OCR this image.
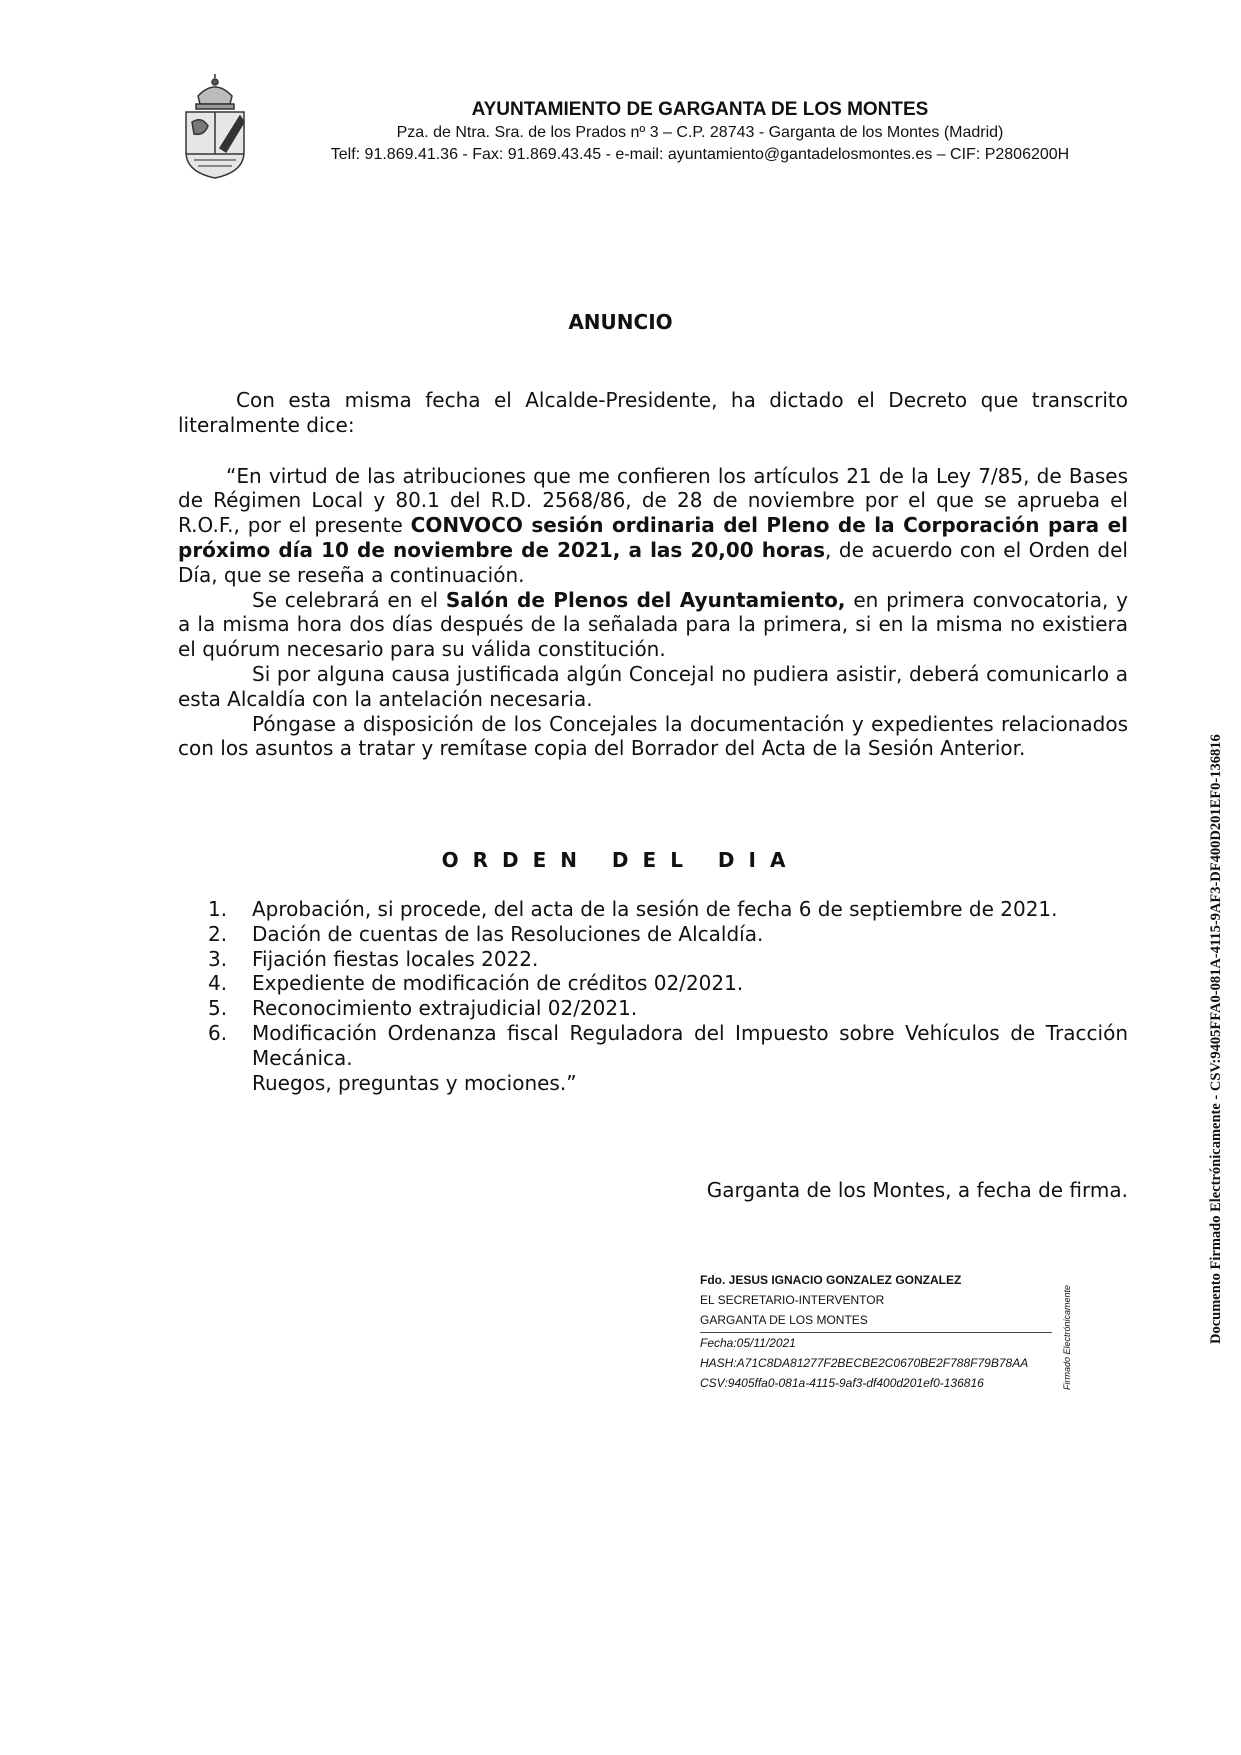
AYUNTAMIENTO DE GARGANTA DE LOS MONTES
Pza. de Ntra. Sra. de los Prados nº 3 – C.P. 28743 - Garganta de los Montes (Madrid)
Telf: 91.869.41.36 - Fax: 91.869.43.45 - e-mail: ayuntamiento@gantadelosmontes.es – CIF: P2806200H
ANUNCIO

Con esta misma fecha el Alcalde-Presidente, ha dictado el Decreto que transcrito literalmente dice:

“En virtud de las atribuciones que me confieren los artículos 21 de la Ley 7/85, de Bases de Régimen Local y 80.1 del R.D. 2568/86, de 28 de noviembre por el que se aprueba el R.O.F., por el presente CONVOCO sesión ordinaria del Pleno de la Corporación para el próximo día 10 de noviembre de 2021, a las 20,00 horas, de acuerdo con el Orden del Día, que se reseña a continuación.

Se celebrará en el Salón de Plenos del Ayuntamiento, en primera convocatoria, y a la misma hora dos días después de la señalada para la primera, si en la misma no existiera el quórum necesario para su válida constitución.

Si por alguna causa justificada algún Concejal no pudiera asistir, deberá comunicarlo a esta Alcaldía con la antelación necesaria.

Póngase a disposición de los Concejales la documentación y expedientes relacionados con los asuntos a tratar y remítase copia del Borrador del Acta de la Sesión Anterior.

ORDEN DEL DIA
1. Aprobación, si procede, del acta de la sesión de fecha 6 de septiembre de 2021.
2. Dación de cuentas de las Resoluciones de Alcaldía.
3. Fijación fiestas locales 2022.
4. Expediente de modificación de créditos 02/2021.
5. Reconocimiento extrajudicial 02/2021.
6. Modificación Ordenanza fiscal Reguladora del Impuesto sobre Vehículos de Tracción Mecánica.
Ruegos, preguntas y mociones.”
Garganta de los Montes, a fecha de firma.
Fdo. JESUS IGNACIO GONZALEZ GONZALEZ
EL SECRETARIO-INTERVENTOR
GARGANTA DE LOS MONTES
Fecha:05/11/2021
HASH:A71C8DA81277F2BECBE2C0670BE2F788F79B78AA
CSV:9405ffa0-081a-4115-9af3-df400d201ef0-136816	Firmado Electrónicamente	Documento Firmado Electrónicamente - CSV:9405FFA0-081A-4115-9AF3-DF400D201EF0-136816
